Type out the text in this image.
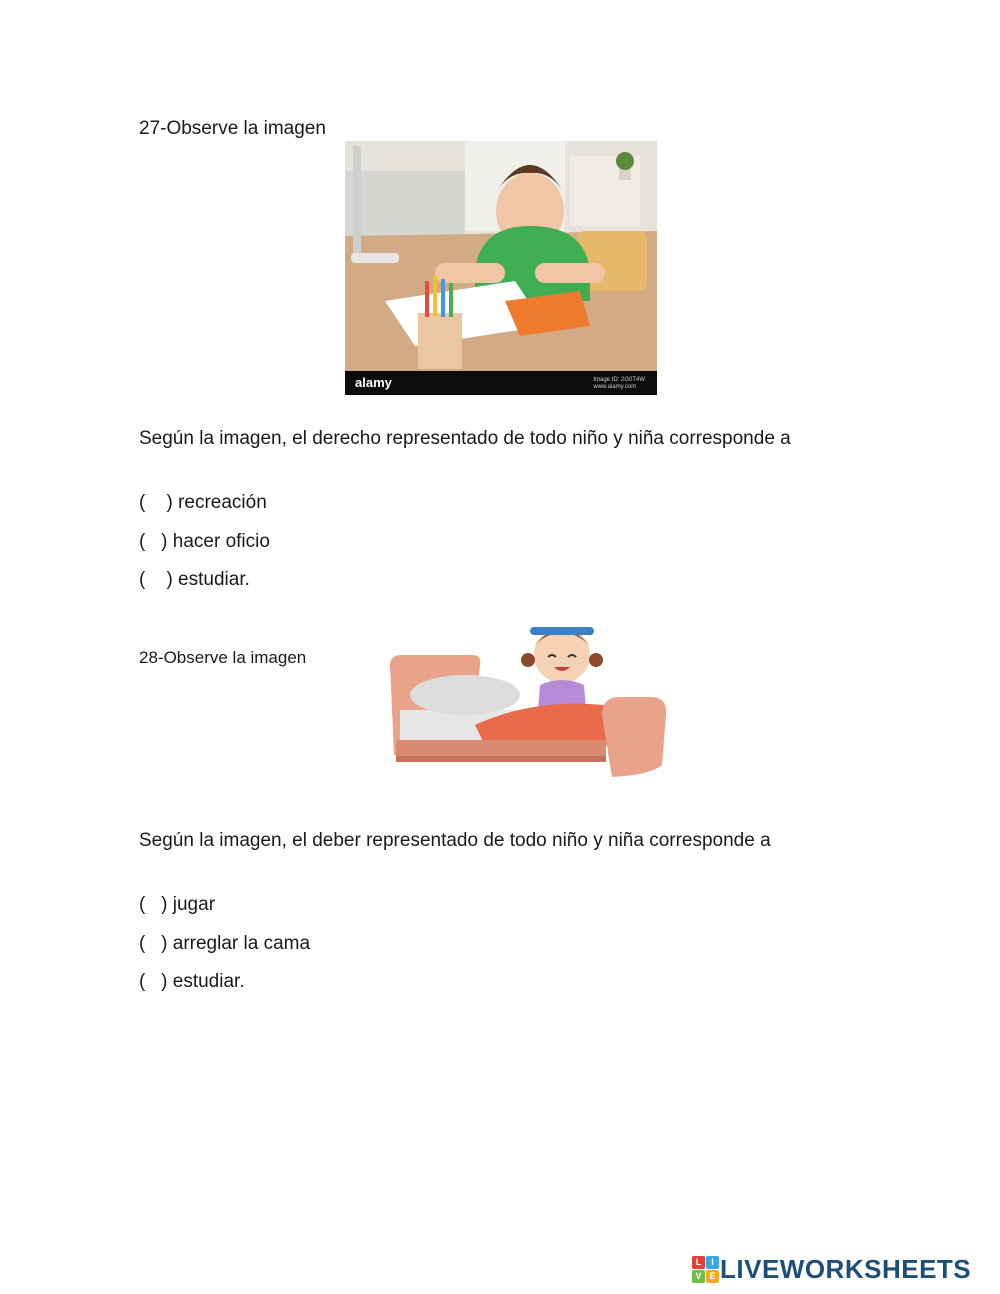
27-Observe la imagen
alamy	Image ID: 2G0T4W
www.alamy.com
Según la imagen, el derecho representado de todo niño y niña corresponde a
(    ) recreación
(   ) hacer oficio
(    ) estudiar.
28-Observe la imagen
Según la imagen, el deber representado de todo niño y niña corresponde a
(   ) jugar
(   ) arreglar la cama
(   ) estudiar.
L	I
V E LIVEWORKSHEETS
